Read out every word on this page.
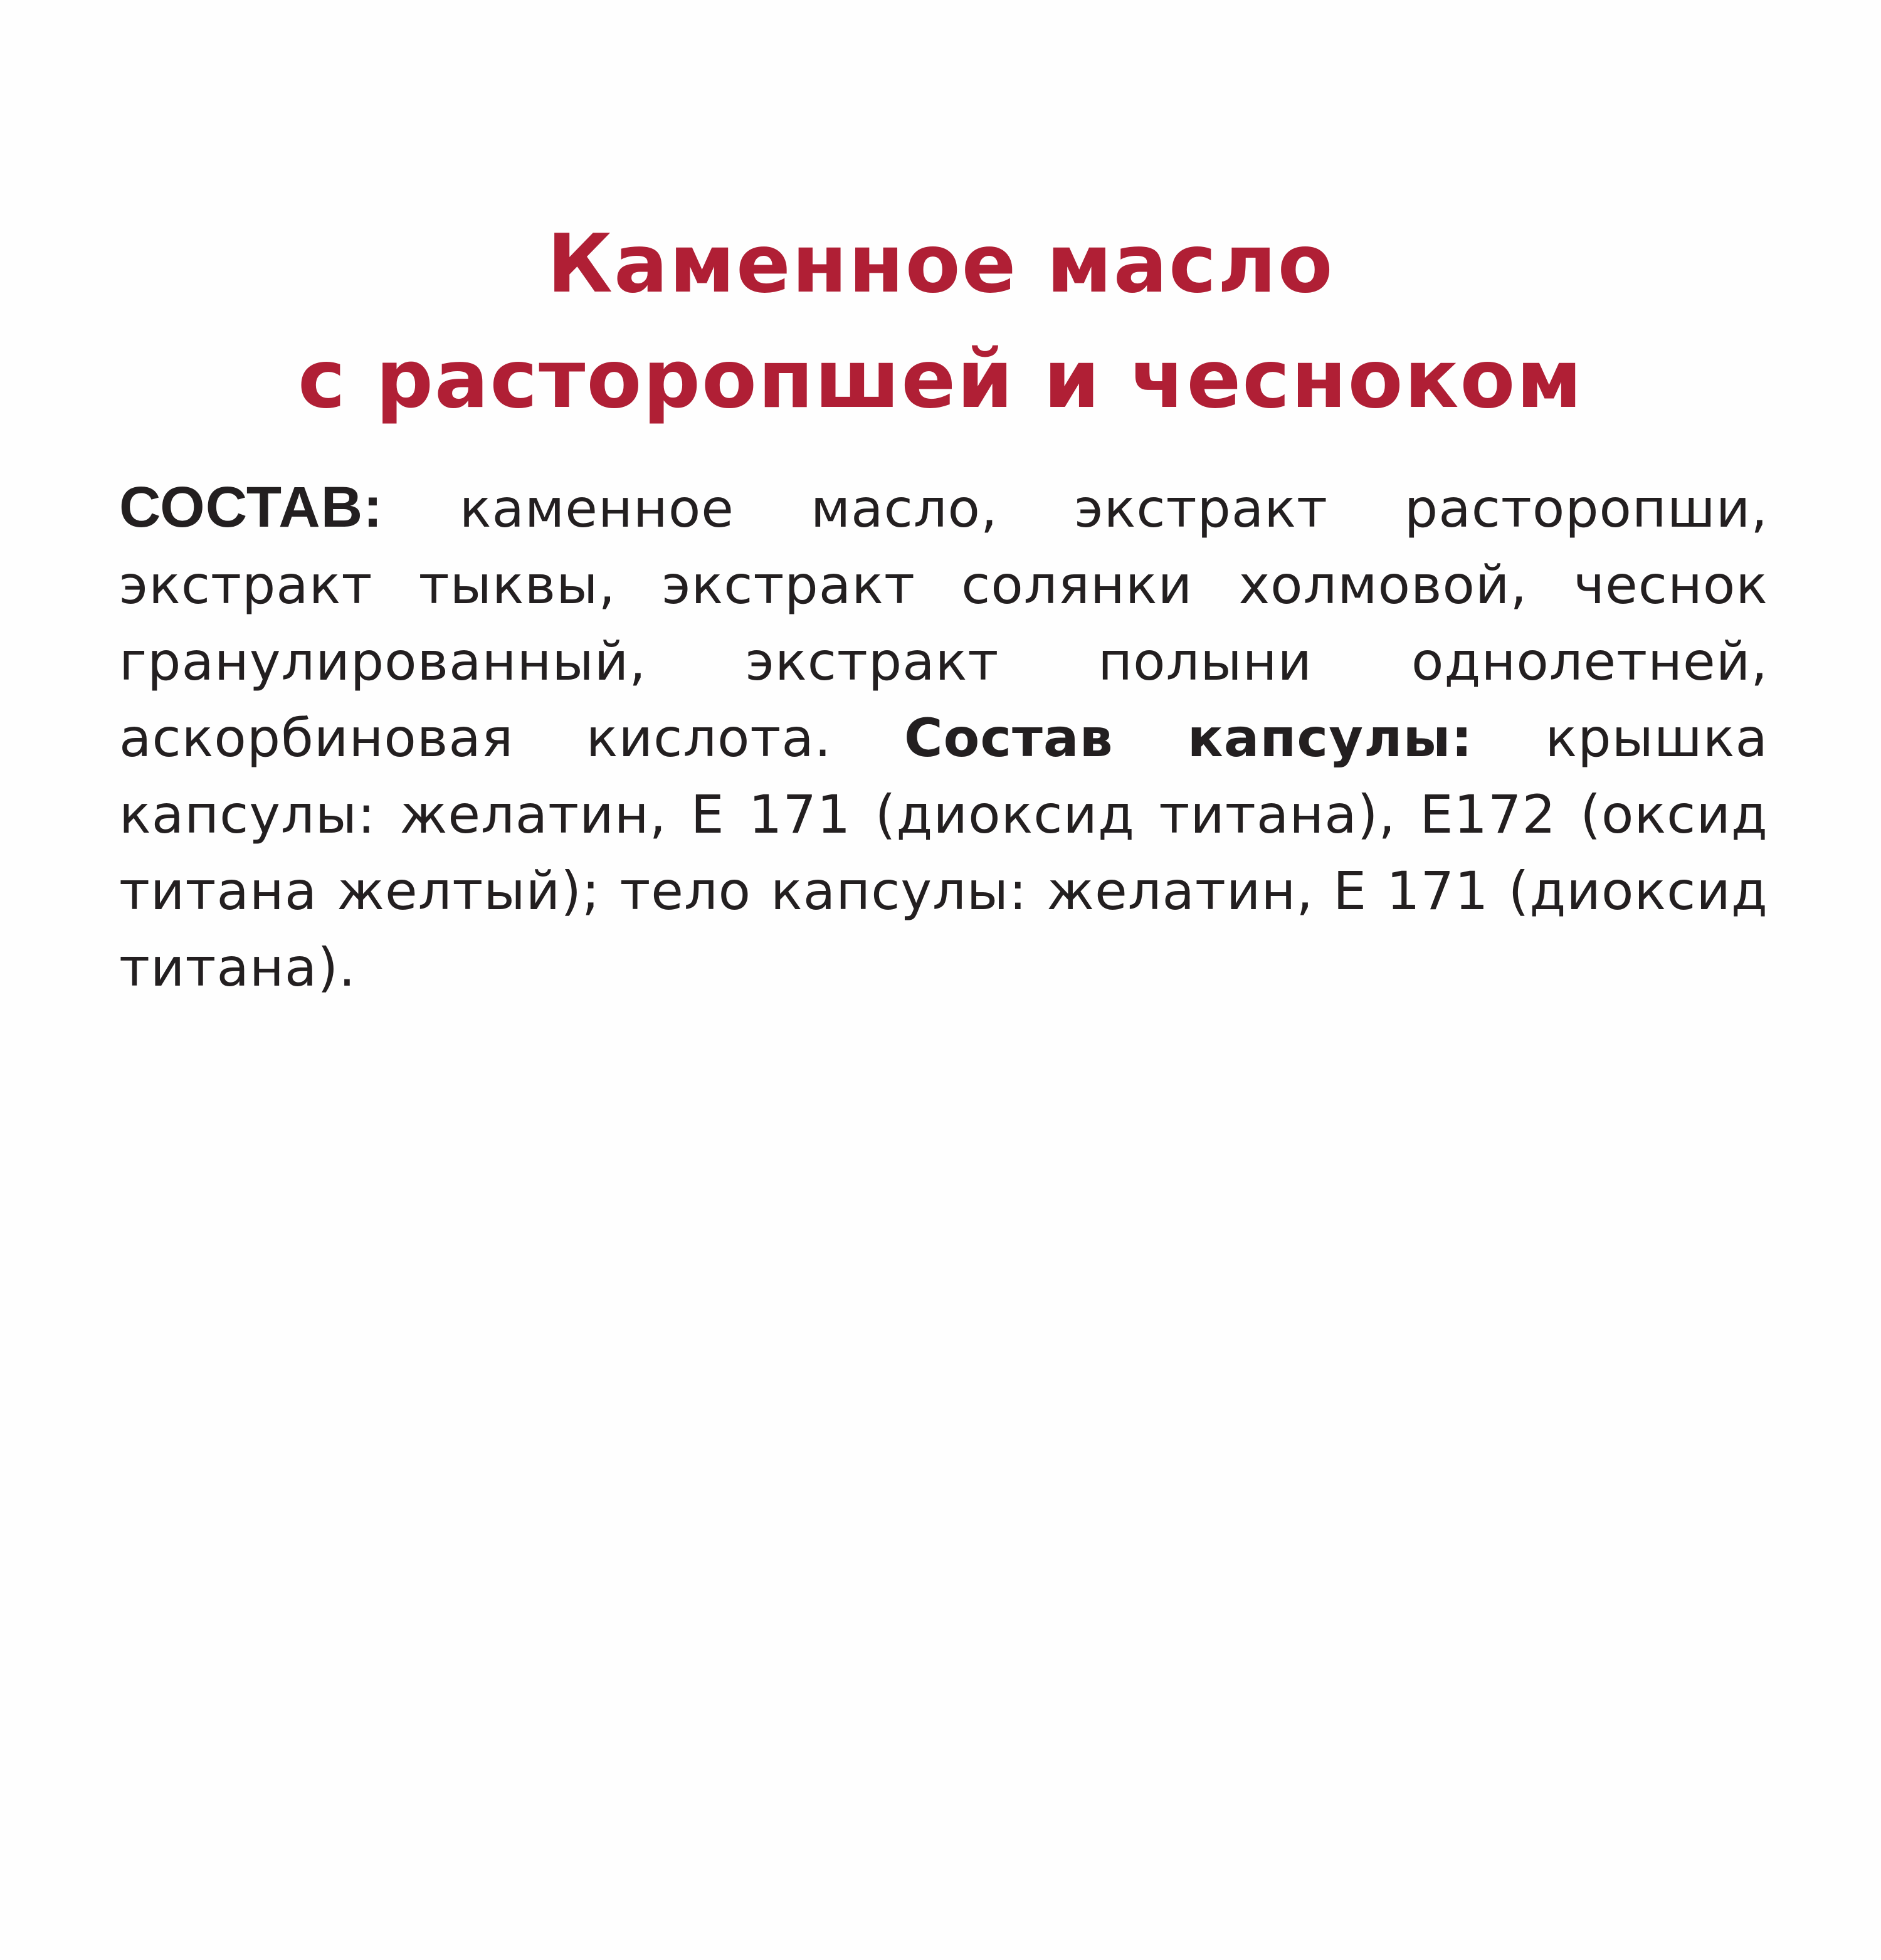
Каменное масло
с расторопшей и чесноком

СОСТАВ: каменное масло, экстракт расторопши, экстракт тыквы, экстракт солянки холмовой, чеснок гранулированный, экстракт полыни однолетней, аскорбиновая кислота. Состав капсулы: крышка капсулы: желатин, Е 171 (диоксид титана), Е172 (оксид титана желтый); тело капсулы: желатин, Е 171 (диоксид титана).
